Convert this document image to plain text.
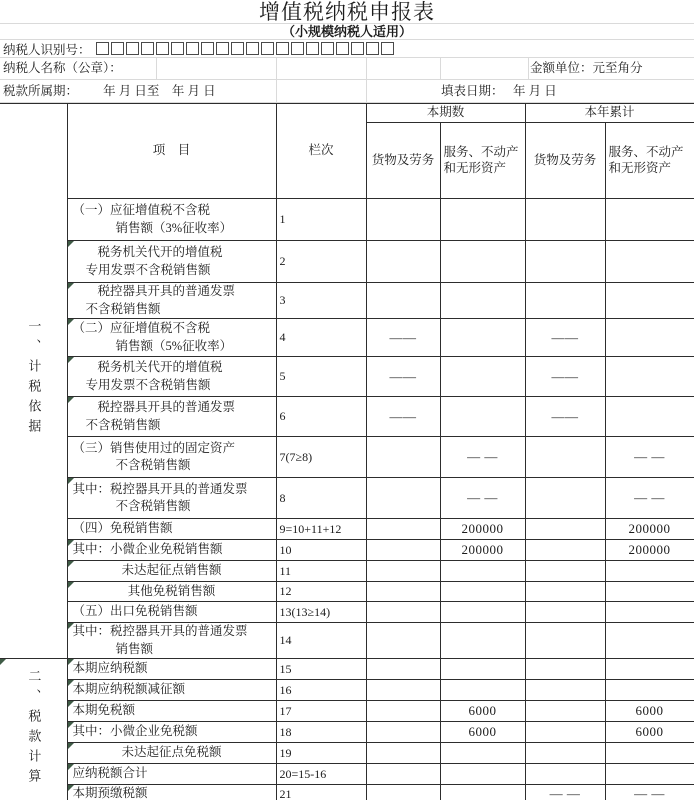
增值税纳税申报表
（小规模纳税人适用）
纳税人识别号：
纳税人名称（公章）：	金额单位：元至角分
税款所属期： 年 月 日至　年 月 日	填表日期： 年 月 日
一、计税依据	项　目	栏次	本期数		本年累计	
			货物及劳务	服务、不动产和无形资产	货物及劳务	服务、不动产和无形资产

	（一）应征增值税不含税
销售额（3%征收率）	1				

	税务机关代开的增值税
专用发票不含税销售额	2				

	税控器具开具的普通发票
不含税销售额	3				

	（二）应征增值税不含税
销售额（5%征收率）	4	——		——	

	税务机关代开的增值税
专用发票不含税销售额	5	——		——	

	税控器具开具的普通发票
不含税销售额	6	——		——	

	（三）销售使用过的固定资产
不含税销售额	7(7≥8)		— —		— —

	其中：税控器具开具的普通发票
不含税销售额	8		— —		— —

	（四）免税销售额	9=10+11+12		200000		200000

	其中：小微企业免税销售额	10		200000		200000

	未达起征点销售额	11				

	其他免税销售额	12				

	（五）出口免税销售额	13(13≥14)				

	其中：税控器具开具的普通发票
销售额	14				

二、税款计算	本期应纳税额	15				

	本期应纳税额减征额	16				

	本期免税额	17		6000		6000

	其中：小微企业免税额	18		6000		6000

	未达起征点免税额	19				

	应纳税额合计	20=15-16				

	本期预缴税额	21			— —	— —
